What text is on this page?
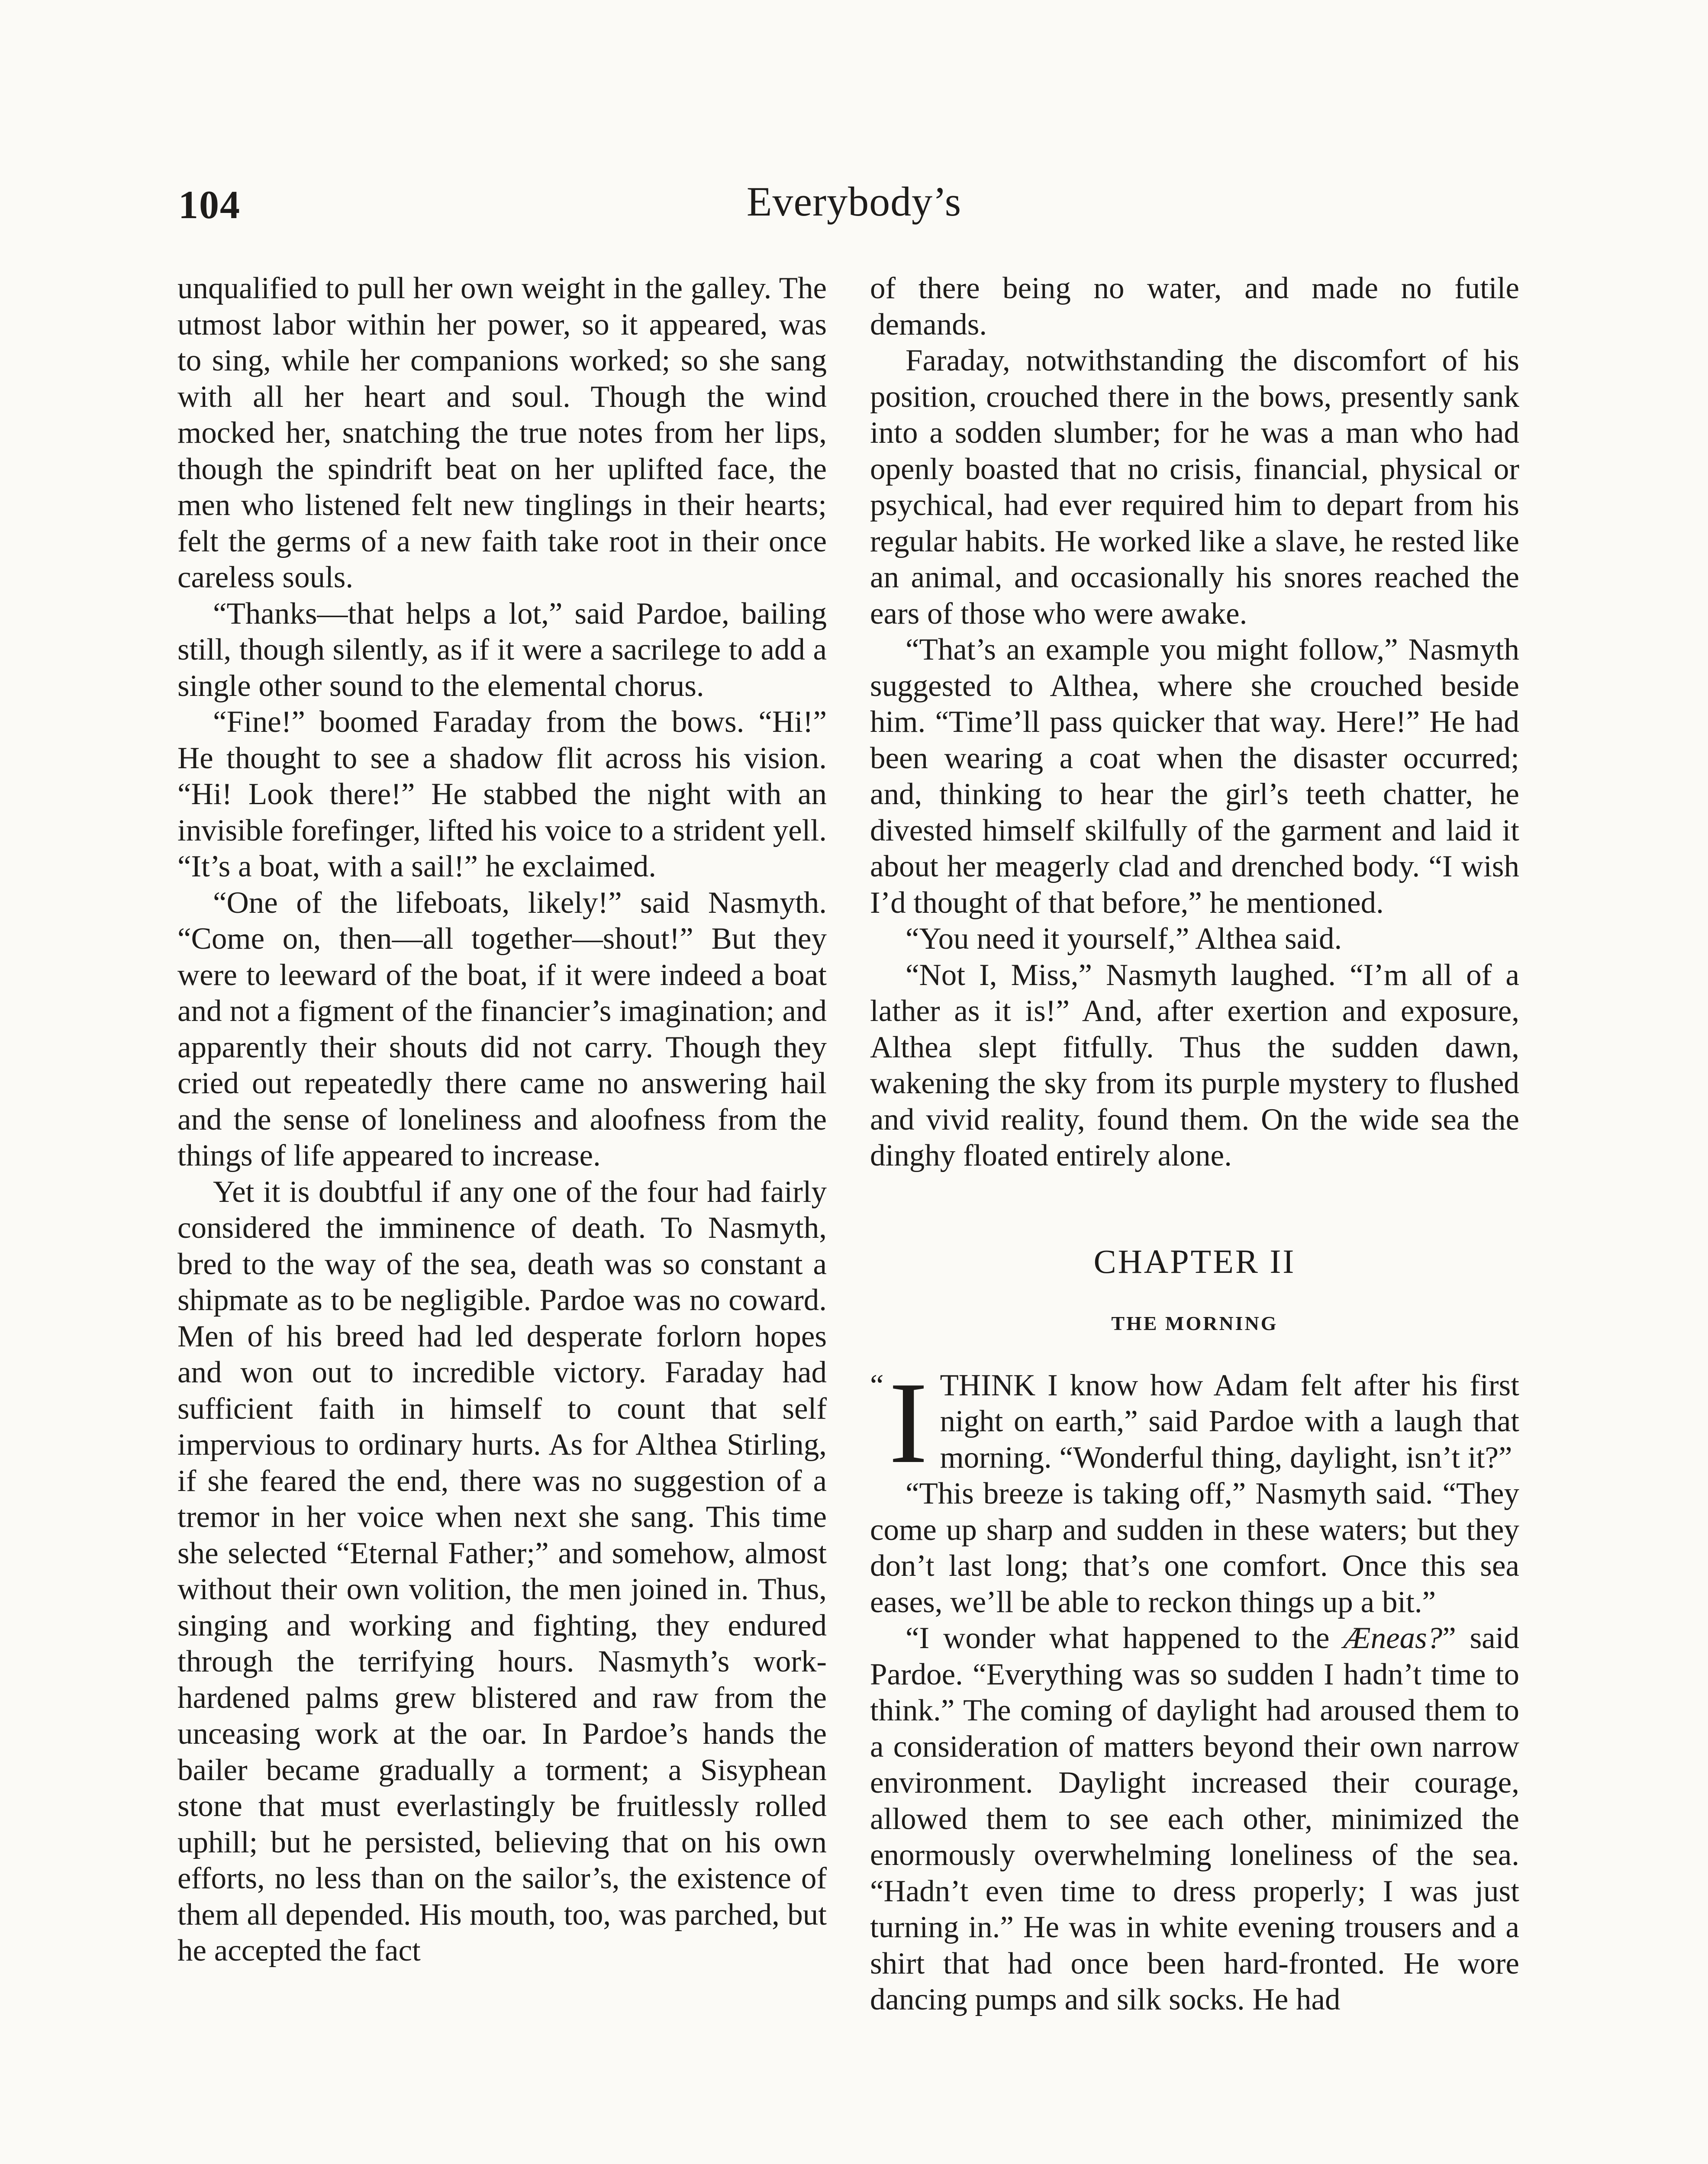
104	Everybody’s

unqualified to pull her own weight in the galley. The utmost labor within her power, so it appeared, was to sing, while her companions worked; so she sang with all her heart and soul. Though the wind mocked her, snatching the true notes from her lips, though the spindrift beat on her uplifted face, the men who listened felt new tinglings in their hearts; felt the germs of a new faith take root in their once careless souls.

“Thanks—that helps a lot,” said Pardoe, bailing still, though silently, as if it were a sacrilege to add a single other sound to the elemental chorus.

“Fine!” boomed Faraday from the bows. “Hi!” He thought to see a shadow flit across his vision. “Hi! Look there!” He stabbed the night with an invisible forefinger, lifted his voice to a strident yell. “It’s a boat, with a sail!” he exclaimed.

“One of the lifeboats, likely!” said Nasmyth. “Come on, then—all together—shout!” But they were to leeward of the boat, if it were indeed a boat and not a figment of the financier’s imagination; and apparently their shouts did not carry. Though they cried out repeatedly there came no answering hail and the sense of loneliness and aloofness from the things of life appeared to increase.

Yet it is doubtful if any one of the four had fairly considered the imminence of death. To Nasmyth, bred to the way of the sea, death was so constant a shipmate as to be negligible. Pardoe was no coward. Men of his breed had led desperate forlorn hopes and won out to incredible victory. Faraday had sufficient faith in himself to count that self impervious to ordinary hurts. As for Althea Stirling, if she feared the end, there was no suggestion of a tremor in her voice when next she sang. This time she selected “Eternal Father;” and somehow, almost without their own volition, the men joined in. Thus, singing and working and fighting, they endured through the terrifying hours. Nasmyth’s work-hardened palms grew blistered and raw from the unceasing work at the oar. In Pardoe’s hands the bailer became gradually a torment; a Sisyphean stone that must everlastingly be fruitlessly rolled uphill; but he persisted, believing that on his own efforts, no less than on the sailor’s, the existence of them all depended. His mouth, too, was parched, but he accepted the fact

of there being no water, and made no futile demands.

Faraday, notwithstanding the discomfort of his position, crouched there in the bows, presently sank into a sodden slumber; for he was a man who had openly boasted that no crisis, financial, physical or psychical, had ever required him to depart from his regular habits. He worked like a slave, he rested like an animal, and occasionally his snores reached the ears of those who were awake.

“That’s an example you might follow,” Nasmyth suggested to Althea, where she crouched beside him. “Time’ll pass quicker that way. Here!” He had been wearing a coat when the disaster occurred; and, thinking to hear the girl’s teeth chatter, he divested himself skilfully of the garment and laid it about her meagerly clad and drenched body. “I wish I’d thought of that before,” he mentioned.

“You need it yourself,” Althea said.

“Not I, Miss,” Nasmyth laughed. “I’m all of a lather as it is!” And, after exertion and exposure, Althea slept fitfully. Thus the sudden dawn, wakening the sky from its purple mystery to flushed and vivid reality, found them. On the wide sea the dinghy floated entirely alone.

CHAPTER II
THE MORNING

“ I THINK I know how Adam felt after his first night on earth,” said Pardoe with a laugh that morning. “Wonderful thing, daylight, isn’t it?”

“This breeze is taking off,” Nasmyth said. “They come up sharp and sudden in these waters; but they don’t last long; that’s one comfort. Once this sea eases, we’ll be able to reckon things up a bit.”

“I wonder what happened to the Æneas?” said Pardoe. “Everything was so sudden I hadn’t time to think.” The coming of daylight had aroused them to a consideration of matters beyond their own narrow environment. Daylight increased their courage, allowed them to see each other, minimized the enormously overwhelming loneliness of the sea. “Hadn’t even time to dress properly; I was just turning in.” He was in white evening trousers and a shirt that had once been hard-fronted. He wore dancing pumps and silk socks. He had
